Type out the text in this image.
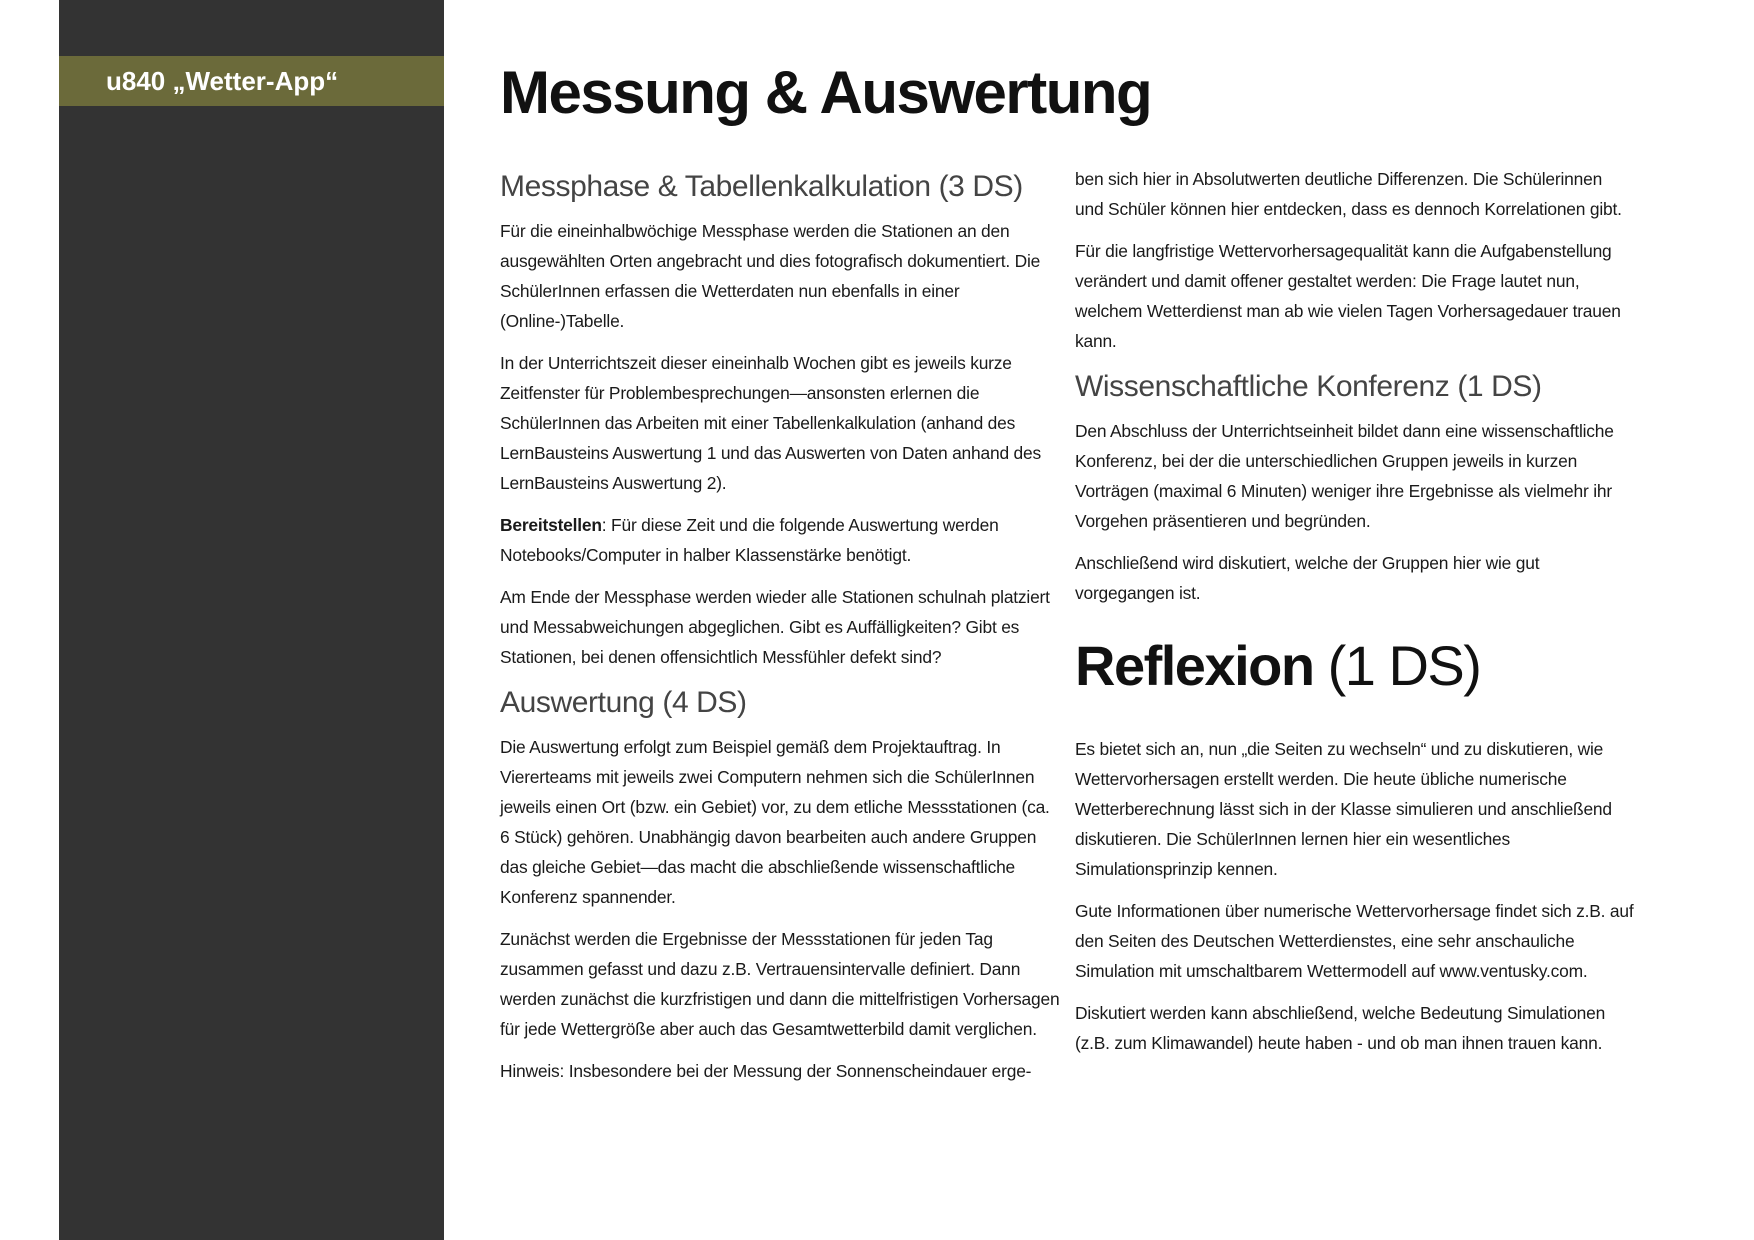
u840 „Wetter-App“	Messung & Auswertung
Messphase & Tabellenkalkulation (3 DS)

Für die eineinhalbwöchige Messphase werden die Stationen an den ausgewählten Orten angebracht und dies fotografisch dokumentiert. Die SchülerInnen erfassen die Wetterdaten nun ebenfalls in einer (Online-)Tabelle.

In der Unterrichtszeit dieser eineinhalb Wochen gibt es jeweils kurze Zeitfenster für Problembesprechungen—ansonsten erlernen die SchülerInnen das Arbeiten mit einer Tabellenkalkulation (anhand des LernBausteins Auswertung 1 und das Auswerten von Daten anhand des LernBausteins Auswertung 2).

Bereitstellen: Für diese Zeit und die folgende Auswertung werden Notebooks/Computer in halber Klassenstärke benötigt.

Am Ende der Messphase werden wieder alle Stationen schulnah platziert und Messabweichungen abgeglichen. Gibt es Auffälligkeiten? Gibt es Stationen, bei denen offensichtlich Messfühler defekt sind?

Auswertung (4 DS)

Die Auswertung erfolgt zum Beispiel gemäß dem Projektauftrag. In Viererteams mit jeweils zwei Computern nehmen sich die SchülerInnen jeweils einen Ort (bzw. ein Gebiet) vor, zu dem etliche Messstationen (ca. 6 Stück) gehören. Unabhängig davon bearbeiten auch andere Gruppen das gleiche Gebiet—das macht die abschließende wissenschaftliche Konferenz spannender.

Zunächst werden die Ergebnisse der Messstationen für jeden Tag zusammen gefasst und dazu z.B. Vertrauensintervalle definiert. Dann werden zunächst die kurzfristigen und dann die mittelfristigen Vorhersagen für jede Wettergröße aber auch das Gesamtwetterbild damit verglichen.

Hinweis: Insbesondere bei der Messung der Sonnenscheindauer erge-

ben sich hier in Absolutwerten deutliche Differenzen. Die Schülerinnen und Schüler können hier entdecken, dass es dennoch Korrelationen gibt.

Für die langfristige Wettervorhersagequalität kann die Aufgabenstellung verändert und damit offener gestaltet werden: Die Frage lautet nun, welchem Wetterdienst man ab wie vielen Tagen Vorhersagedauer trauen kann.

Wissenschaftliche Konferenz (1 DS)

Den Abschluss der Unterrichtseinheit bildet dann eine wissenschaftliche Konferenz, bei der die unterschiedlichen Gruppen jeweils in kurzen Vorträgen (maximal 6 Minuten) weniger ihre Ergebnisse als vielmehr ihr Vorgehen präsentieren und begründen.

Anschließend wird diskutiert, welche der Gruppen hier wie gut vorgegangen ist.

Reflexion (1 DS)

Es bietet sich an, nun „die Seiten zu wechseln“ und zu diskutieren, wie Wettervorhersagen erstellt werden. Die heute übliche numerische Wetterberechnung lässt sich in der Klasse simulieren und anschließend diskutieren. Die SchülerInnen lernen hier ein wesentliches Simulationsprinzip kennen.

Gute Informationen über numerische Wettervorhersage findet sich z.B. auf den Seiten des Deutschen Wetterdienstes, eine sehr anschauliche Simulation mit umschaltbarem Wettermodell auf www.ventusky.com.

Diskutiert werden kann abschließend, welche Bedeutung Simulationen (z.B. zum Klimawandel) heute haben - und ob man ihnen trauen kann.
